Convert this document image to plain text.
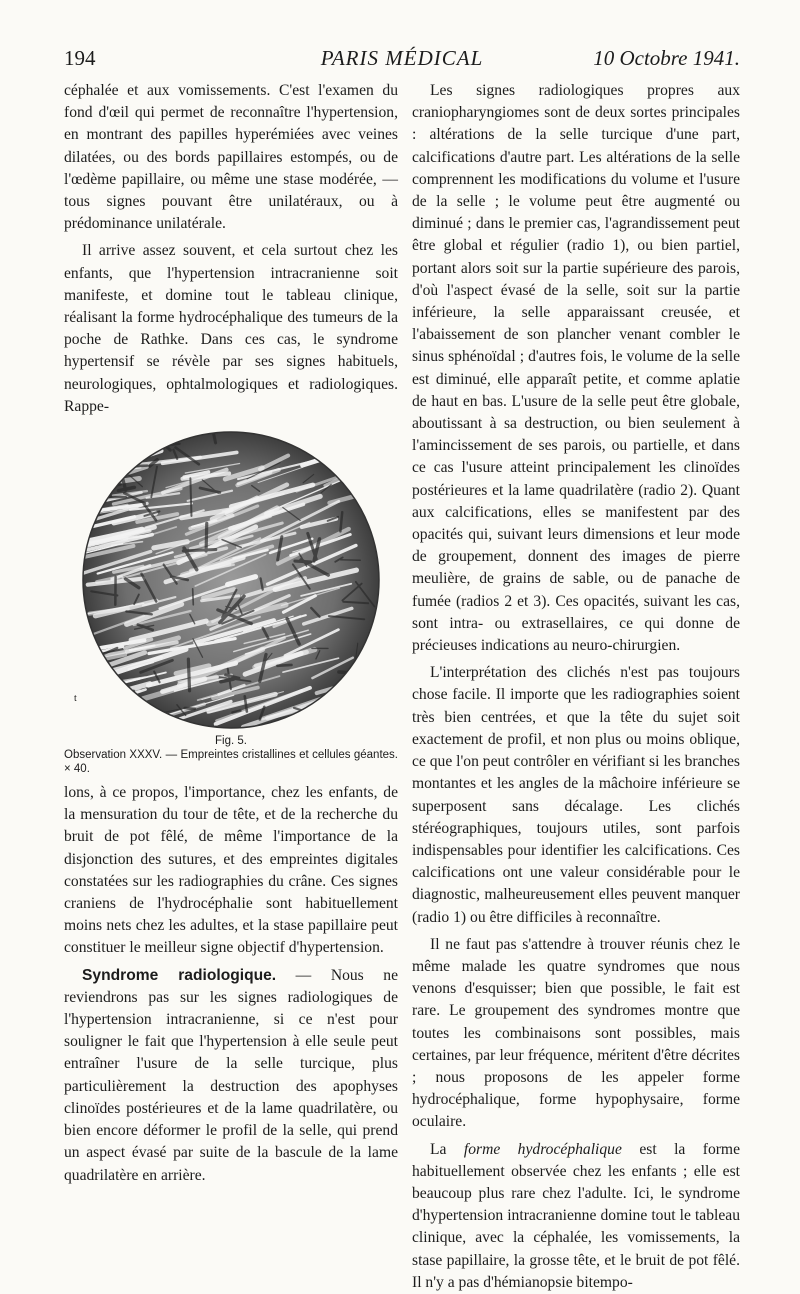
194	PARIS MÉDICAL	10 Octobre 1941.

céphalée et aux vomissements. C'est l'examen du fond d'œil qui permet de reconnaître l'hypertension, en montrant des papilles hyperémiées avec veines dilatées, ou des bords papillaires estompés, ou de l'œdème papillaire, ou même une stase modérée, — tous signes pouvant être unilatéraux, ou à prédominance unilatérale.

Il arrive assez souvent, et cela surtout chez les enfants, que l'hypertension intracranienne soit manifeste, et domine tout le tableau clinique, réalisant la forme hydrocéphalique des tumeurs de la poche de Rathke. Dans ces cas, le syndrome hypertensif se révèle par ses signes habituels, neurologiques, ophtalmologiques et radiologiques. Rappe-

t
Fig. 5.
Observation XXXV. — Empreintes cristallines et cellules géantes. × 40.

lons, à ce propos, l'importance, chez les enfants, de la mensuration du tour de tête, et de la recherche du bruit de pot fêlé, de même l'importance de la disjonction des sutures, et des empreintes digitales constatées sur les radiographies du crâne. Ces signes craniens de l'hydrocéphalie sont habituellement moins nets chez les adultes, et la stase papillaire peut constituer le meilleur signe objectif d'hypertension.

Syndrome radiologique. — Nous ne reviendrons pas sur les signes radiologiques de l'hypertension intracranienne, si ce n'est pour souligner le fait que l'hypertension à elle seule peut entraîner l'usure de la selle turcique, plus particulièrement la destruction des apophyses clinoïdes postérieures et de la lame quadrilatère, ou bien encore déformer le profil de la selle, qui prend un aspect évasé par suite de la bascule de la lame quadrilatère en arrière.

Les signes radiologiques propres aux craniopharyngiomes sont de deux sortes principales : altérations de la selle turcique d'une part, calcifications d'autre part. Les altérations de la selle comprennent les modifications du volume et l'usure de la selle ; le volume peut être augmenté ou diminué ; dans le premier cas, l'agrandissement peut être global et régulier (radio 1), ou bien partiel, portant alors soit sur la partie supérieure des parois, d'où l'aspect évasé de la selle, soit sur la partie inférieure, la selle apparaissant creusée, et l'abaissement de son plancher venant combler le sinus sphénoïdal ; d'autres fois, le volume de la selle est diminué, elle apparaît petite, et comme aplatie de haut en bas. L'usure de la selle peut être globale, aboutissant à sa destruction, ou bien seulement à l'amincissement de ses parois, ou partielle, et dans ce cas l'usure atteint principalement les clinoïdes postérieures et la lame quadrilatère (radio 2). Quant aux calcifications, elles se manifestent par des opacités qui, suivant leurs dimensions et leur mode de groupement, donnent des images de pierre meulière, de grains de sable, ou de panache de fumée (radios 2 et 3). Ces opacités, suivant les cas, sont intra- ou extrasellaires, ce qui donne de précieuses indications au neuro-chirurgien.

L'interprétation des clichés n'est pas toujours chose facile. Il importe que les radiographies soient très bien centrées, et que la tête du sujet soit exactement de profil, et non plus ou moins oblique, ce que l'on peut contrôler en vérifiant si les branches montantes et les angles de la mâchoire inférieure se superposent sans décalage. Les clichés stéréographiques, toujours utiles, sont parfois indispensables pour identifier les calcifications. Ces calcifications ont une valeur considérable pour le diagnostic, malheureusement elles peuvent manquer (radio 1) ou être difficiles à reconnaître.

Il ne faut pas s'attendre à trouver réunis chez le même malade les quatre syndromes que nous venons d'esquisser; bien que possible, le fait est rare. Le groupement des syndromes montre que toutes les combinaisons sont possibles, mais certaines, par leur fréquence, méritent d'être décrites ; nous proposons de les appeler forme hydrocéphalique, forme hypophysaire, forme oculaire.

La forme hydrocéphalique est la forme habituellement observée chez les enfants ; elle est beaucoup plus rare chez l'adulte. Ici, le syndrome d'hypertension intracranienne domine tout le tableau clinique, avec la céphalée, les vomissements, la stase papillaire, la grosse tête, et le bruit de pot fêlé. Il n'y a pas d'hémianopsie bitempo-
